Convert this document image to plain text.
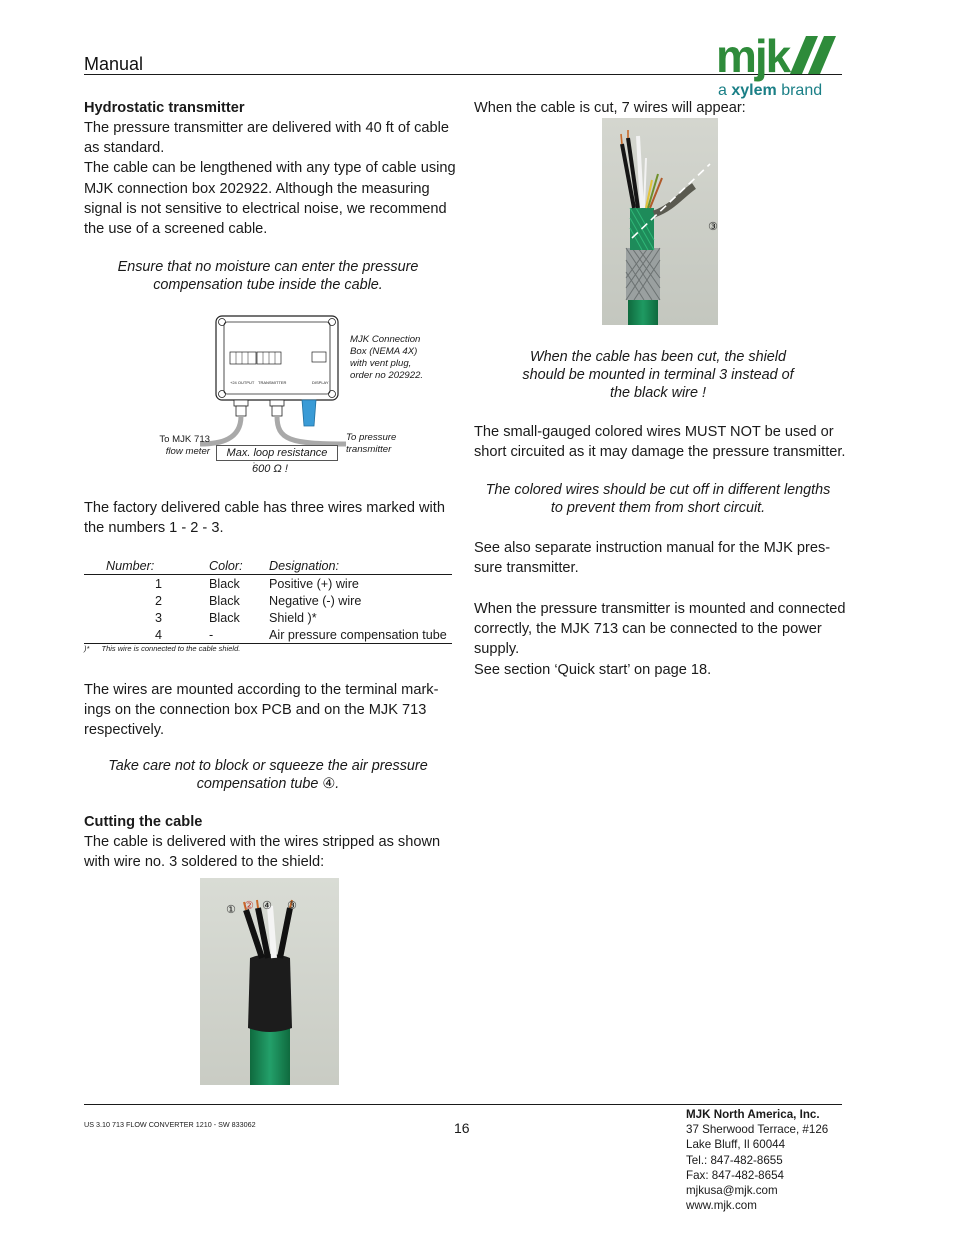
Manual	mjk
a xylem brand
Hydrostatic transmitter
The pressure transmitter are delivered with 40 ft of cable
as standard.
The cable can be lengthened with any type of cable using
MJK connection box 202922. Although the measuring
signal is not sensitive to electrical noise, we recommend
the use of a screened cable.
Ensure that no moisture can enter the pressure
compensation tube inside the cable.
+24 OUTPUT TRANSMITTER	DISPLAY
MJK Connection
Box (NEMA 4X)
with vent plug,
order no 202922.
To MJK 713
flow meter
To pressure
transmitter
Max. loop resistance
600 Ω !
The factory delivered cable has three wires marked with
the numbers 1 - 2 - 3.
Number:	Color:	Designation:
1	Black	Positive (+) wire
2	Black	Negative (-) wire
3	Black	Shield )*
4	-	Air pressure compensation tube
)* This wire is connected to the cable shield.
The wires are mounted according to the terminal mark-
ings on the connection box PCB and on the MJK 713
respectively.
Take care not to block or squeeze the air pressure
compensation tube ④.
Cutting the cable
The cable is delivered with the wires stripped as shown
with wire no. 3 soldered to the shield:
① ② ④ ③
When the cable is cut, 7 wires will appear:
③
When the cable has been cut, the shield
should be mounted in terminal 3 instead of
the black wire !
The small-gauged colored wires MUST NOT be used or
short circuited as it may damage the pressure transmitter.
The colored wires should be cut off in different lengths
to prevent them from short circuit.
See also separate instruction manual for the MJK pres-
sure transmitter.
When the pressure transmitter is mounted and connected
correctly, the MJK 713 can be connected to the power
supply.
See section ‘Quick start’ on page 18.
US 3.10 713 FLOW CONVERTER 1210 - SW 833062	16
MJK North America, Inc.
37 Sherwood Terrace, #126
Lake Bluff, Il 60044
Tel.: 847-482-8655
Fax: 847-482-8654
mjkusa@mjk.com
www.mjk.com
